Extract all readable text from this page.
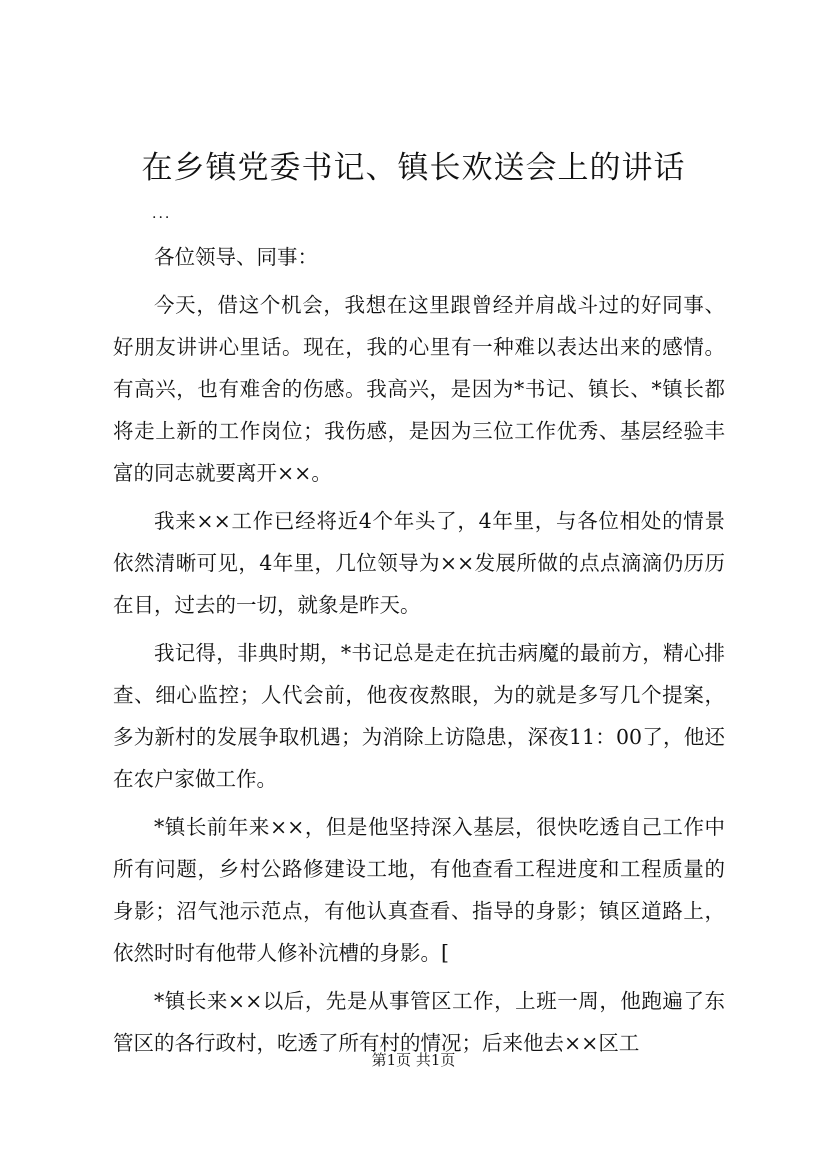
在乡镇党委书记、镇长欢送会上的讲话
...

各位领导、同事：

今天，借这个机会，我想在这里跟曾经并肩战斗过的好同事、好朋友讲讲心里话。现在，我的心里有一种难以表达出来的感情。有高兴，也有难舍的伤感。我高兴，是因为*书记、镇长、*镇长都将走上新的工作岗位；我伤感，是因为三位工作优秀、基层经验丰富的同志就要离开××。

我来××工作已经将近4个年头了，4年里，与各位相处的情景依然清晰可见，4年里，几位领导为××发展所做的点点滴滴仍历历在目，过去的一切，就象是昨天。

我记得，非典时期，*书记总是走在抗击病魔的最前方，精心排查、细心监控；人代会前，他夜夜熬眼，为的就是多写几个提案，多为新村的发展争取机遇；为消除上访隐患，深夜11：00了，他还在农户家做工作。

*镇长前年来××，但是他坚持深入基层，很快吃透自己工作中所有问题，乡村公路修建设工地，有他查看工程进度和工程质量的身影；沼气池示范点，有他认真查看、指导的身影；镇区道路上，依然时时有他带人修补沆槽的身影。[

*镇长来××以后，先是从事管区工作，上班一周，他跑遍了东管区的各行政村，吃透了所有村的情况；后来他去××区工

第1页 共1页
